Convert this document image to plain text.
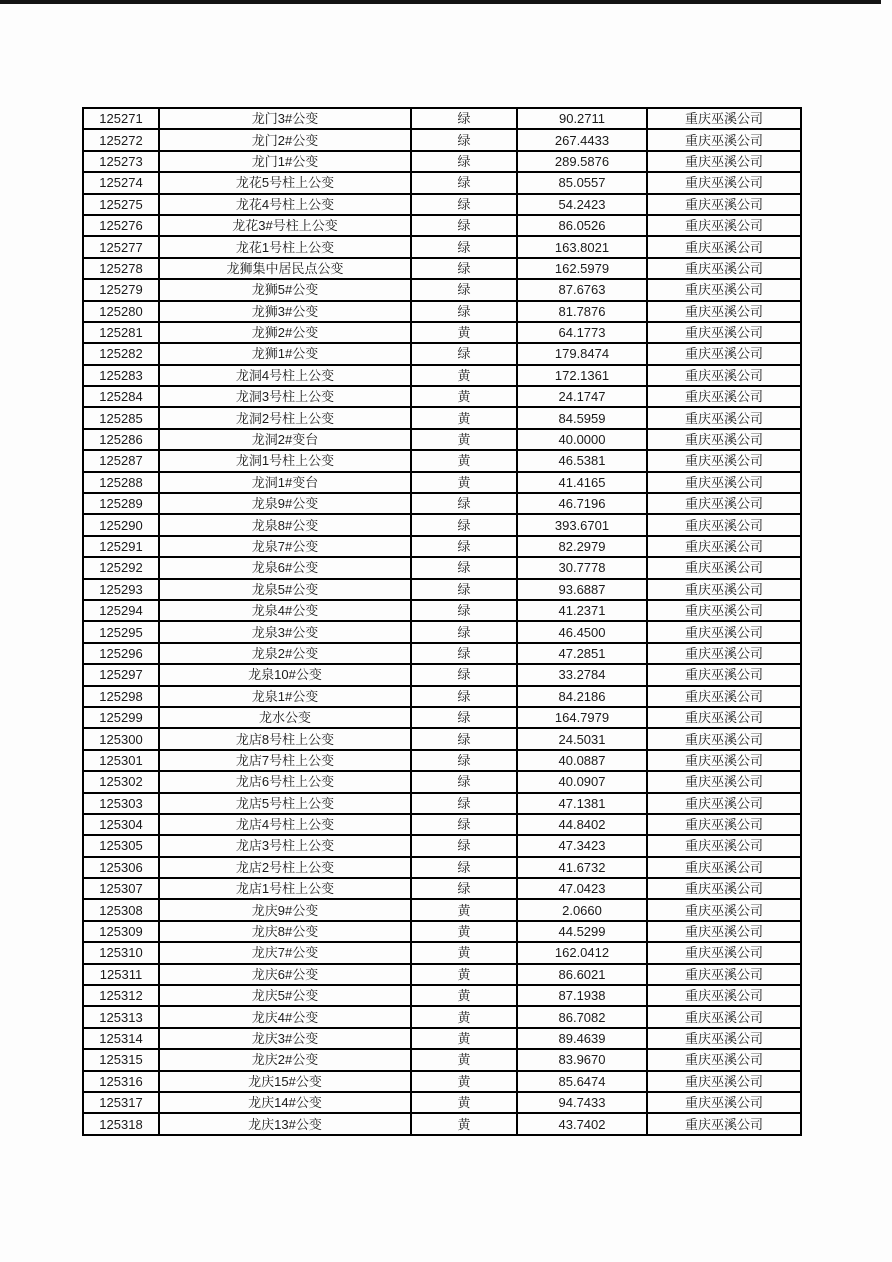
125271	龙门3#公变	绿	90.2711	重庆巫溪公司
125272	龙门2#公变	绿	267.4433	重庆巫溪公司
125273	龙门1#公变	绿	289.5876	重庆巫溪公司
125274	龙花5号柱上公变	绿	85.0557	重庆巫溪公司
125275	龙花4号柱上公变	绿	54.2423	重庆巫溪公司
125276	龙花3#号柱上公变	绿	86.0526	重庆巫溪公司
125277	龙花1号柱上公变	绿	163.8021	重庆巫溪公司
125278	龙狮集中居民点公变	绿	162.5979	重庆巫溪公司
125279	龙狮5#公变	绿	87.6763	重庆巫溪公司
125280	龙狮3#公变	绿	81.7876	重庆巫溪公司
125281	龙狮2#公变	黄	64.1773	重庆巫溪公司
125282	龙狮1#公变	绿	179.8474	重庆巫溪公司
125283	龙洞4号柱上公变	黄	172.1361	重庆巫溪公司
125284	龙洞3号柱上公变	黄	24.1747	重庆巫溪公司
125285	龙洞2号柱上公变	黄	84.5959	重庆巫溪公司
125286	龙洞2#变台	黄	40.0000	重庆巫溪公司
125287	龙洞1号柱上公变	黄	46.5381	重庆巫溪公司
125288	龙洞1#变台	黄	41.4165	重庆巫溪公司
125289	龙泉9#公变	绿	46.7196	重庆巫溪公司
125290	龙泉8#公变	绿	393.6701	重庆巫溪公司
125291	龙泉7#公变	绿	82.2979	重庆巫溪公司
125292	龙泉6#公变	绿	30.7778	重庆巫溪公司
125293	龙泉5#公变	绿	93.6887	重庆巫溪公司
125294	龙泉4#公变	绿	41.2371	重庆巫溪公司
125295	龙泉3#公变	绿	46.4500	重庆巫溪公司
125296	龙泉2#公变	绿	47.2851	重庆巫溪公司
125297	龙泉10#公变	绿	33.2784	重庆巫溪公司
125298	龙泉1#公变	绿	84.2186	重庆巫溪公司
125299	龙水公变	绿	164.7979	重庆巫溪公司
125300	龙店8号柱上公变	绿	24.5031	重庆巫溪公司
125301	龙店7号柱上公变	绿	40.0887	重庆巫溪公司
125302	龙店6号柱上公变	绿	40.0907	重庆巫溪公司
125303	龙店5号柱上公变	绿	47.1381	重庆巫溪公司
125304	龙店4号柱上公变	绿	44.8402	重庆巫溪公司
125305	龙店3号柱上公变	绿	47.3423	重庆巫溪公司
125306	龙店2号柱上公变	绿	41.6732	重庆巫溪公司
125307	龙店1号柱上公变	绿	47.0423	重庆巫溪公司
125308	龙庆9#公变	黄	2.0660	重庆巫溪公司
125309	龙庆8#公变	黄	44.5299	重庆巫溪公司
125310	龙庆7#公变	黄	162.0412	重庆巫溪公司
125311	龙庆6#公变	黄	86.6021	重庆巫溪公司
125312	龙庆5#公变	黄	87.1938	重庆巫溪公司
125313	龙庆4#公变	黄	86.7082	重庆巫溪公司
125314	龙庆3#公变	黄	89.4639	重庆巫溪公司
125315	龙庆2#公变	黄	83.9670	重庆巫溪公司
125316	龙庆15#公变	黄	85.6474	重庆巫溪公司
125317	龙庆14#公变	黄	94.7433	重庆巫溪公司
125318	龙庆13#公变	黄	43.7402	重庆巫溪公司
